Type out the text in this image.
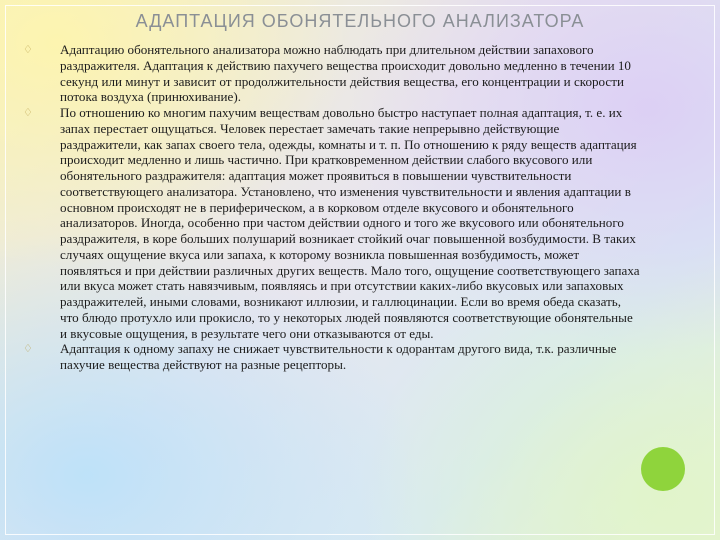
АДАПТАЦИЯ ОБОНЯТЕЛЬНОГО АНАЛИЗАТОРА
♢ Адаптацию обонятельного анализатора можно наблюдать при длительном действии запахового раздражителя. Адаптация к действию пахучего вещества происходит довольно медленно в течении 10 секунд или минут и зависит от продолжительности действия вещества, его концентрации и скорости потока воздуха (принюхивание).
♢ По отношению ко многим пахучим веществам довольно быстро наступает полная адаптация, т. е. их запах перестает ощущаться. Человек перестает замечать такие непрерывно действующие раздражители, как запах своего тела, одежды, комнаты и т. п. По отношению к ряду веществ адаптация происходит медленно и лишь частично. При кратковременном действии слабого вкусового или обонятельного раздражителя: адаптация может проявиться в повышении чувствительности соответствующего анализатора. Установлено, что изменения чувствительности и явления адаптации в основном происходят не в периферическом, а в корковом отделе вкусового и обонятельного анализаторов. Иногда, особенно при частом действии одного и того же вкусового или обонятельного раздражителя, в коре больших полушарий возникает стойкий очаг повышенной возбудимости. В таких случаях ощущение вкуса или запаха, к которому возникла повышенная возбудимость, может появляться и при действии различных других веществ. Мало того, ощущение соответствующего запаха или вкуса может стать навязчивым, появляясь и при отсутствии каких-либо вкусовых или запаховых раздражителей, иными словами, возникают иллюзии, и галлюцинации. Если во время обеда сказать, что блюдо протухло или прокисло, то у некоторых людей появляются соответствующие обонятельные и вкусовые ощущения, в результате чего они отказываются от еды.
♢ Адаптация к одному запаху не снижает чувствительности к одорантам другого вида, т.к. различные пахучие вещества действуют на разные рецепторы.
